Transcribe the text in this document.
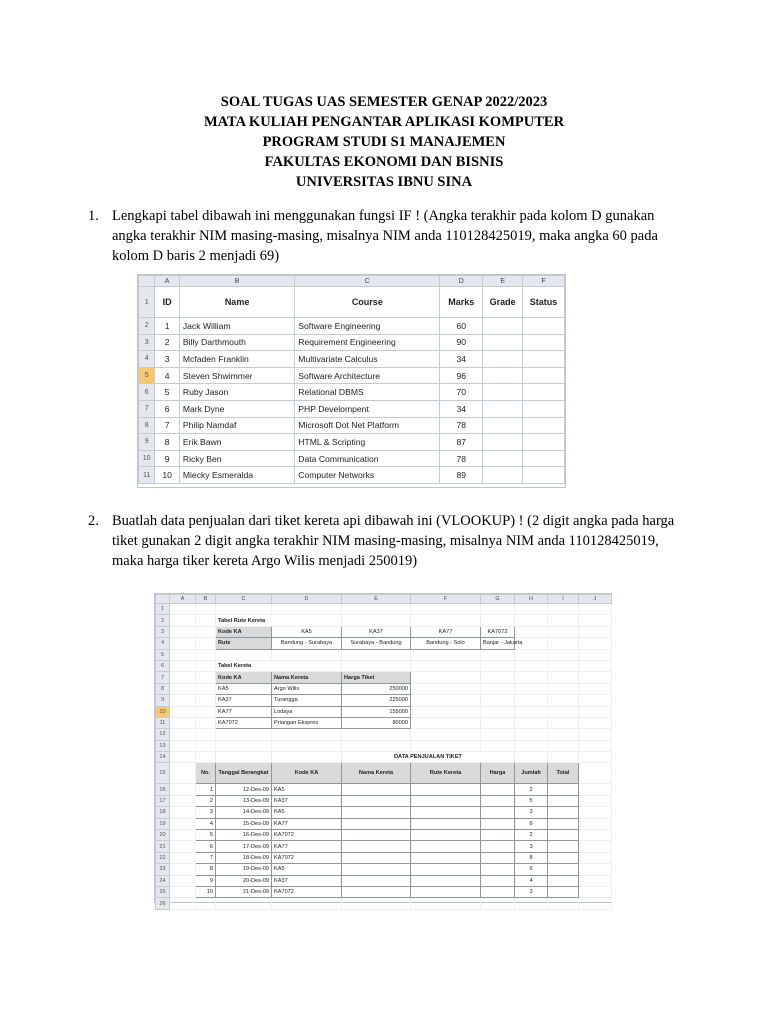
SOAL TUGAS UAS SEMESTER GENAP 2022/2023
MATA KULIAH PENGANTAR APLIKASI KOMPUTER
PROGRAM STUDI S1 MANAJEMEN
FAKULTAS EKONOMI DAN BISNIS
UNIVERSITAS IBNU SINA
1. Lengkapi tabel dibawah ini menggunakan fungsi IF ! (Angka terakhir pada kolom D gunakan angka terakhir NIM masing-masing, misalnya NIM anda 110128425019, maka angka 60 pada kolom D baris 2 menjadi 69)
	A	B	C	D	E	F
1	ID	Name	Course	Marks	Grade	Status
2	1	Jack William	Software Engineering	60		
3	2	Billy Darthmouth	Requirement Engineering	90		
4	3	Mcfaden Franklin	Multivariate Calculus	34		
5	4	Steven Shwimmer	Software Architecture	96		
6	5	Ruby Jason	Relational DBMS	70		
7	6	Mark Dyne	PHP Develompent	34		
8	7	Philip Namdaf	Microsoft Dot Net Platform	78		
9	8	Erik Bawn	HTML & Scripting	87		
10	9	Ricky Ben	Data Communication	78		
11	10	Miecky Esmeralda	Computer Networks	89		
2. Buatlah data penjualan dari tiket kereta api dibawah ini (VLOOKUP) ! (2 digit angka pada harga tiket gunakan 2 digit angka terakhir NIM masing-masing, misalnya NIM anda 110128425019, maka harga tiker kereta Argo Wilis menjadi 250019)
	A	B	C	D	E	F	G	H	I	J
1										
2			Tabel Rute Kereta							
3			Kode KA	KA5	KA37	KA77	KA7072			
4			Rute	Bandung - Surabaya	Surabaya - Bandung	Bandung - Solo	Banjar - Jakarta			
5										
6			Tabel Kereta							
7			Kode KA	Nama Kereta	Harga Tiket					
8			KA5	Argo Wilis	250000					
9			KA37	Turangga	225000					
10			KA77	Lodaya	155000					
11			KA7072	Priangan Ekspres	80000					
12										
13										
14					DATA PENJUALAN TIKET					
15		No.	Tanggal Berangkat	Kode KA	Nama Kereta	Rute Kereta	Harga	Jumlah	Total	
16		1	12-Des-09	KA5				2		
17		2	13-Des-09	KA37				5		
18		3	14-Des-09	KA5				3		
19		4	15-Des-09	KA77				6		
20		5	16-Des-09	KA7072				2		
21		6	17-Des-09	KA77				3		
22		7	18-Des-09	KA7072				8		
23		8	19-Des-09	KA5				6		
24		9	20-Des-09	KA37				4		
25		10	21-Des-09	KA7072				3		
26										
